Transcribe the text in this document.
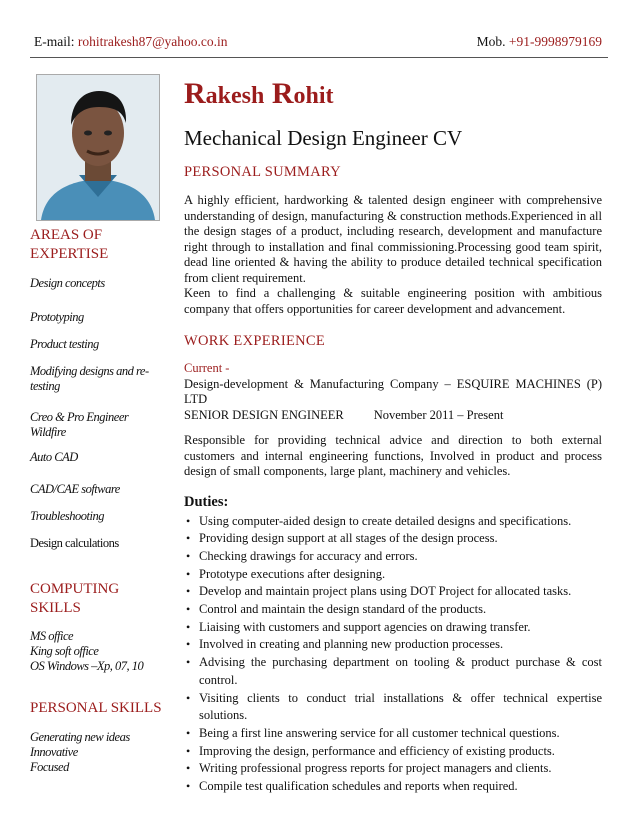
E-mail: rohitrakesh87@yahoo.co.in	Mob. +91-9998979169
AREAS OF
EXPERTISE
Design concepts
Prototyping
Product testing
Modifying designs and re-testing
Creo & Pro Engineer Wildfire
Auto CAD
CAD/CAE software
Troubleshooting
Design calculations
COMPUTING
SKILLS
MS office
King soft office
OS Windows –Xp, 07, 10
PERSONAL SKILLS
Generating new ideas
Innovative
Focused
Rakesh Rohit
Mechanical Design Engineer CV
PERSONAL SUMMARY
A highly efficient, hardworking & talented design engineer with comprehensive understanding of design, manufacturing & construction methods.Experienced in all the design stages of a product, including research, development and manufacture right through to installation and final commissioning.Processing good team spirit, dead line oriented & having the ability to produce detailed technical specification from client requirement.
Keen to find a challenging & suitable engineering position with ambitious company that offers opportunities for career development and advancement.
WORK EXPERIENCE
Current -
Design-development & Manufacturing Company – ESQUIRE MACHINES (P) LTD
SENIOR DESIGN ENGINEER November 2011 – Present
Responsible for providing technical advice and direction to both external customers and internal engineering functions, Involved in product and process design of small components, large plant, machinery and vehicles.
Duties:
• Using computer-aided design to create detailed designs and specifications.
• Providing design support at all stages of the design process.
• Checking drawings for accuracy and errors.
• Prototype executions after designing.
• Develop and maintain project plans using DOT Project for allocated tasks.
• Control and maintain the design standard of the products.
• Liaising with customers and support agencies on drawing transfer.
• Involved in creating and planning new production processes.
• Advising the purchasing department on tooling & product purchase & cost control.
• Visiting clients to conduct trial installations & offer technical expertise solutions.
• Being a first line answering service for all customer technical questions.
• Improving the design, performance and efficiency of existing products.
• Writing professional progress reports for project managers and clients.
• Compile test qualification schedules and reports when required.
